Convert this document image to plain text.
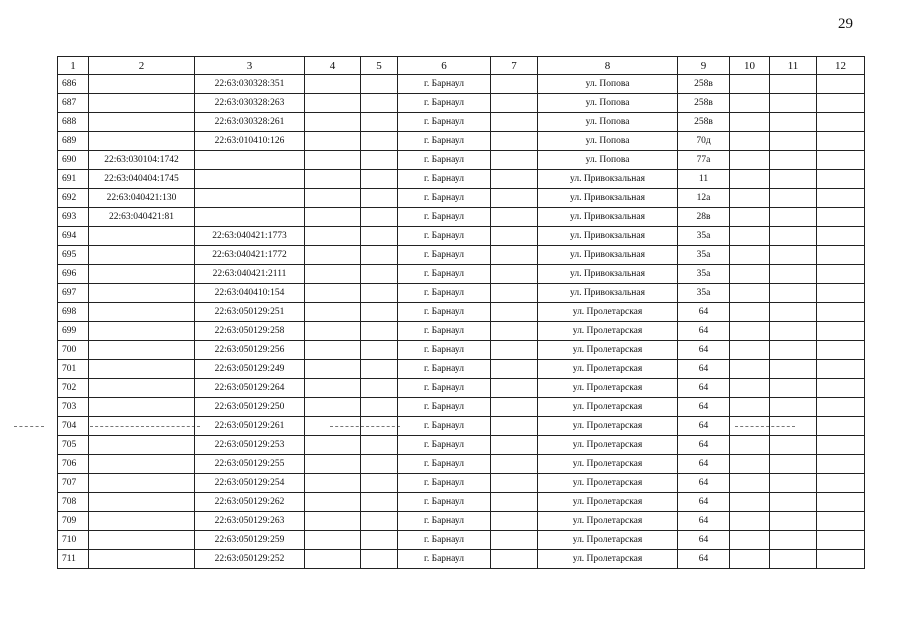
29
1	2	3	4	5	6	7	8	9	10	11	12
686		22:63:030328:351			г. Барнаул		ул. Попова	258в			
687		22:63:030328:263			г. Барнаул		ул. Попова	258в			
688		22:63:030328:261			г. Барнаул		ул. Попова	258в			
689		22:63:010410:126			г. Барнаул		ул. Попова	70д			
690	22:63:030104:1742				г. Барнаул		ул. Попова	77а			
691	22:63:040404:1745				г. Барнаул		ул. Привокзальная	11			
692	22:63:040421:130				г. Барнаул		ул. Привокзальная	12а			
693	22:63:040421:81				г. Барнаул		ул. Привокзальная	28в			
694		22:63:040421:1773			г. Барнаул		ул. Привокзальная	35а			
695		22:63:040421:1772			г. Барнаул		ул. Привокзальная	35а			
696		22:63:040421:2111			г. Барнаул		ул. Привокзальная	35а			
697		22:63:040410:154			г. Барнаул		ул. Привокзальная	35а			
698		22:63:050129:251			г. Барнаул		ул. Пролетарская	64			
699		22:63:050129:258			г. Барнаул		ул. Пролетарская	64			
700		22:63:050129:256			г. Барнаул		ул. Пролетарская	64			
701		22:63:050129:249			г. Барнаул		ул. Пролетарская	64			
702		22:63:050129:264			г. Барнаул		ул. Пролетарская	64			
703		22:63:050129:250			г. Барнаул		ул. Пролетарская	64			
704		22:63:050129:261			г. Барнаул		ул. Пролетарская	64			
705		22:63:050129:253			г. Барнаул		ул. Пролетарская	64			
706		22:63:050129:255			г. Барнаул		ул. Пролетарская	64			
707		22:63:050129:254			г. Барнаул		ул. Пролетарская	64			
708		22:63:050129:262			г. Барнаул		ул. Пролетарская	64			
709		22:63:050129:263			г. Барнаул		ул. Пролетарская	64			
710		22:63:050129:259			г. Барнаул		ул. Пролетарская	64			
711		22:63:050129:252			г. Барнаул		ул. Пролетарская	64			
